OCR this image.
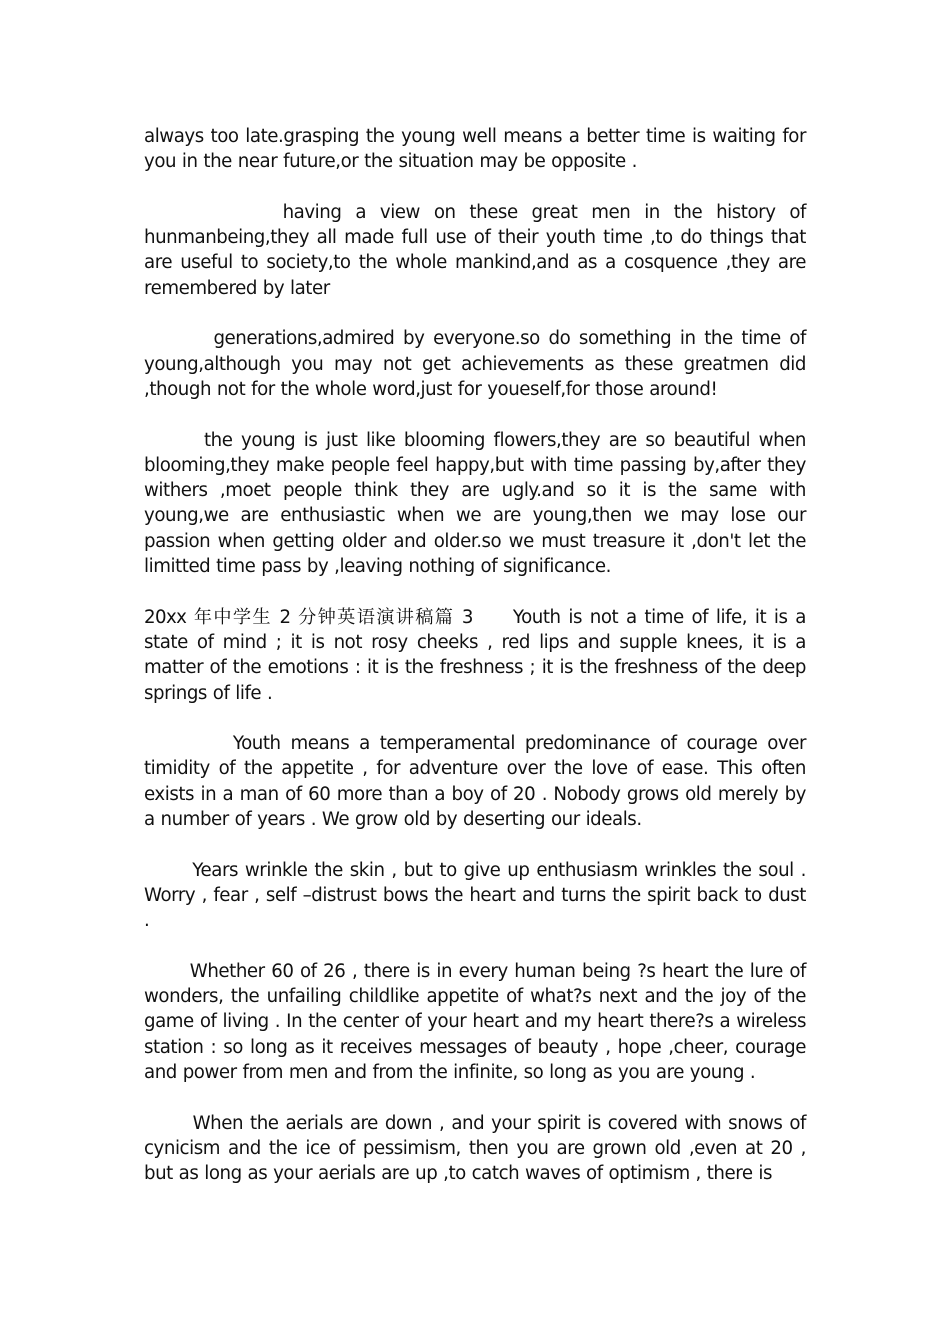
always too late.grasping the young well means a better time is waiting for you in the near future,or the situation may be opposite .

having a view on these great men in the history of hunmanbeing,they all made full use of their youth time ,to do things that are useful to society,to the whole mankind,and as a cosquence ,they are remembered by later

generations,admired by everyone.so do something in the time of young,although you may not get achievements as these greatmen did ,though not for the whole word,just for youeself,for those around!

the young is just like blooming flowers,they are so beautiful when blooming,they make people feel happy,but with time passing by,after they withers ,moet people think they are ugly.and so it is the same with young,we are enthusiastic when we are young,then we may lose our passion when getting older and older.so we must treasure it ,don't let the limitted time pass by ,leaving nothing of significance.

20xx 年中学生 2 分钟英语演讲稿篇 3 Youth is not a time of life, it is a state of mind ; it is not rosy cheeks , red lips and supple knees, it is a matter of the emotions : it is the freshness ; it is the freshness of the deep springs of life .

Youth means a temperamental predominance of courage over timidity of the appetite , for adventure over the love of ease. This often exists in a man of 60 more than a boy of 20 . Nobody grows old merely by a number of years . We grow old by deserting our ideals.

Years wrinkle the skin , but to give up enthusiasm wrinkles the soul . Worry , fear , self –distrust bows the heart and turns the spirit back to dust .

Whether 60 of 26 , there is in every human being ?s heart the lure of wonders, the unfailing childlike appetite of what?s next and the joy of the game of living . In the center of your heart and my heart there?s a wireless station : so long as it receives messages of beauty , hope ,cheer, courage and power from men and from the infinite, so long as you are young .

When the aerials are down , and your spirit is covered with snows of cynicism and the ice of pessimism, then you are grown old ,even at 20 , but as long as your aerials are up ,to catch waves of optimism , there is
